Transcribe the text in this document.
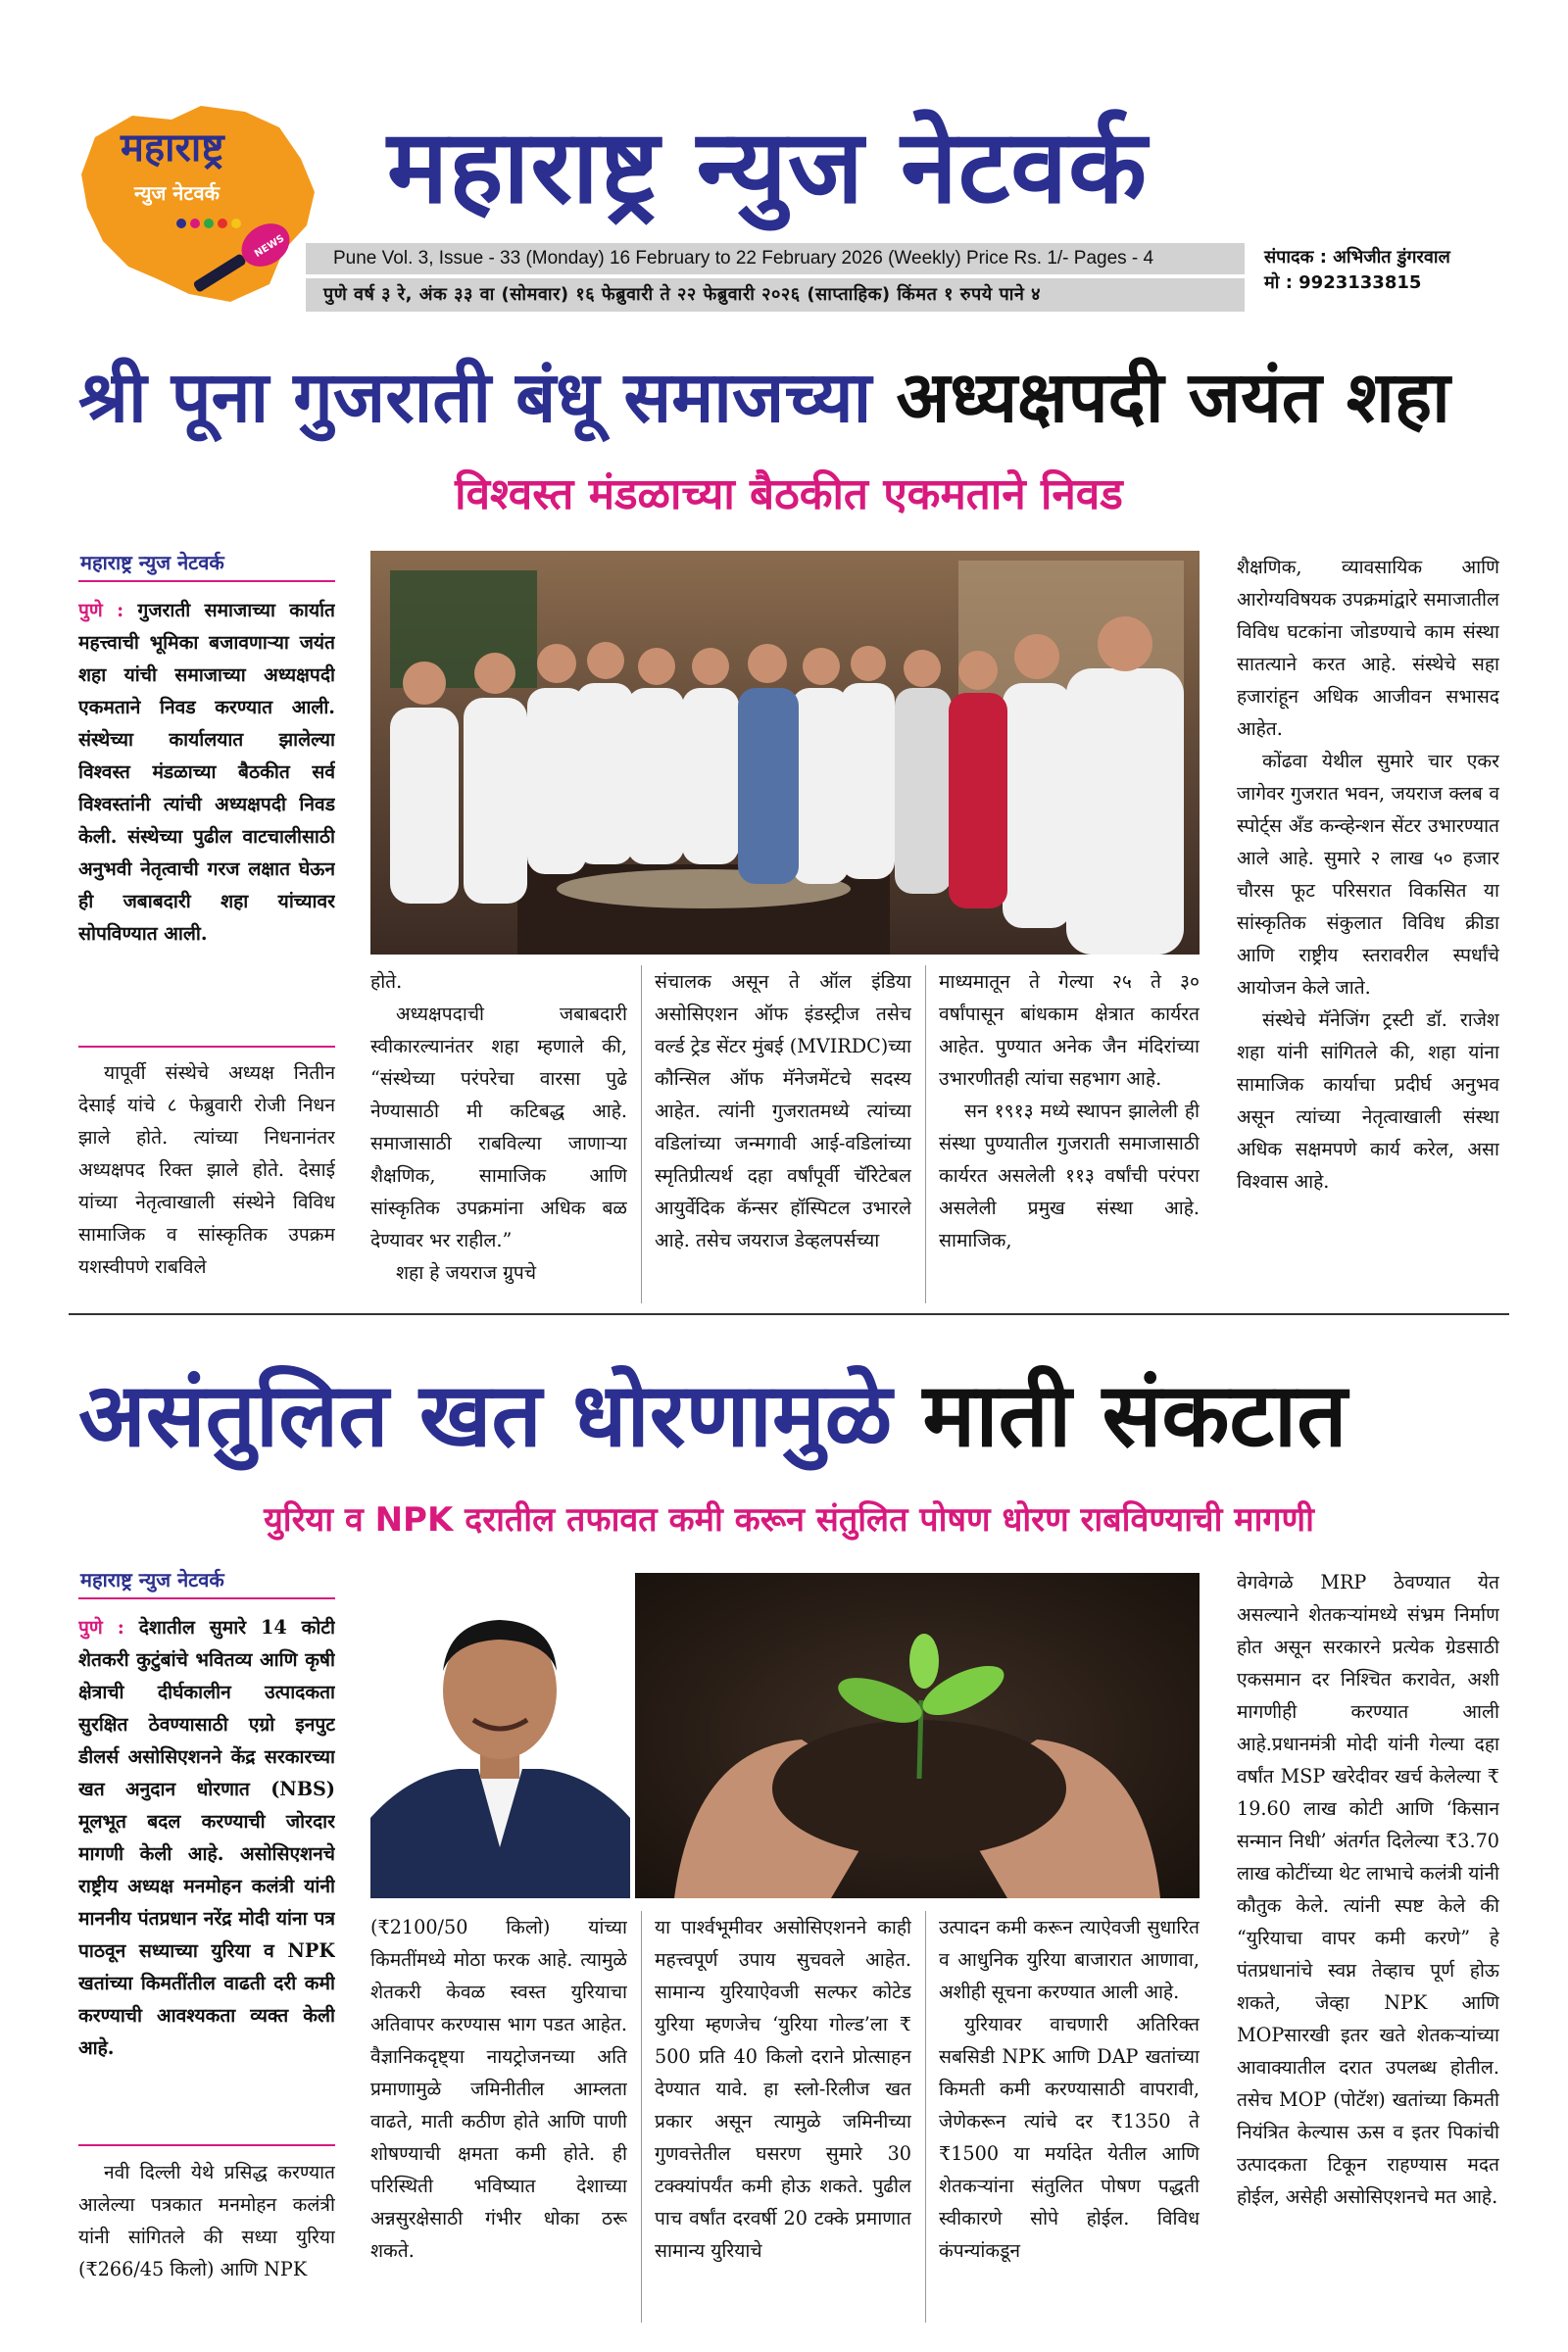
महाराष्ट्र
न्युज नेटवर्क
NEWS
महाराष्ट्र न्युज नेटवर्क
Pune Vol. 3, Issue - 33 (Monday) 16 February to 22 February 2026 (Weekly) Price Rs. 1/- Pages - 4
पुणे वर्ष ३ रे, अंक ३३ वा (सोमवार) १६ फेब्रुवारी ते २२ फेब्रुवारी २०२६ (साप्ताहिक) किंमत १ रुपये पाने ४
संपादक : अभिजीत डुंगरवाल
मो : 9923133815
श्री पूना गुजराती बंधू समाजच्या अध्यक्षपदी जयंत शहा
विश्वस्त मंडळाच्या बैठकीत एकमताने निवड
महाराष्ट्र न्युज नेटवर्क

पुणे : गुजराती समाजाच्या कार्यात महत्त्वाची भूमिका बजावणाऱ्या जयंत शहा यांची समाजाच्या अध्यक्षपदी एकमताने निवड करण्यात आली. संस्थेच्या कार्यालयात झालेल्या विश्वस्त मंडळाच्या बैठकीत सर्व विश्वस्तांनी त्यांची अध्यक्षपदी निवड केली. संस्थेच्या पुढील वाटचालीसाठी अनुभवी नेतृत्वाची गरज लक्षात घेऊन ही जबाबदारी शहा यांच्यावर सोपविण्यात आली.

यापूर्वी संस्थेचे अध्यक्ष नितीन देसाई यांचे ८ फेब्रुवारी रोजी निधन झाले होते. त्यांच्या निधनानंतर अध्यक्षपद रिक्त झाले होते. देसाई यांच्या नेतृत्वाखाली संस्थेने विविध सामाजिक व सांस्कृतिक उपक्रम यशस्वीपणे राबविले

होते.

अध्यक्षपदाची जबाबदारी स्वीकारल्यानंतर शहा म्हणाले की, “संस्थेच्या परंपरेचा वारसा पुढे नेण्यासाठी मी कटिबद्ध आहे. समाजासाठी राबविल्या जाणाऱ्या शैक्षणिक, सामाजिक आणि सांस्कृतिक उपक्रमांना अधिक बळ देण्यावर भर राहील.”

शहा हे जयराज ग्रुपचे

संचालक असून ते ऑल इंडिया असोसिएशन ऑफ इंडस्ट्रीज तसेच वर्ल्ड ट्रेड सेंटर मुंबई (MVIRDC)च्या कौन्सिल ऑफ मॅनेजमेंटचे सदस्य आहेत. त्यांनी गुजरातमध्ये त्यांच्या वडिलांच्या जन्मगावी आई-वडिलांच्या स्मृतिप्रीत्यर्थ दहा वर्षांपूर्वी चॅरिटेबल आयुर्वेदिक कॅन्सर हॉस्पिटल उभारले आहे. तसेच जयराज डेव्हलपर्सच्या

माध्यमातून ते गेल्या २५ ते ३० वर्षांपासून बांधकाम क्षेत्रात कार्यरत आहेत. पुण्यात अनेक जैन मंदिरांच्या उभारणीतही त्यांचा सहभाग आहे.

सन १९१३ मध्ये स्थापन झालेली ही संस्था पुण्यातील गुजराती समाजासाठी कार्यरत असलेली ११३ वर्षांची परंपरा असलेली प्रमुख संस्था आहे. सामाजिक,

शैक्षणिक, व्यावसायिक आणि आरोग्यविषयक उपक्रमांद्वारे समाजातील विविध घटकांना जोडण्याचे काम संस्था सातत्याने करत आहे. संस्थेचे सहा हजारांहून अधिक आजीवन सभासद आहेत.

कोंढवा येथील सुमारे चार एकर जागेवर गुजरात भवन, जयराज क्लब व स्पोर्ट्स अँड कन्व्हेन्शन सेंटर उभारण्यात आले आहे. सुमारे २ लाख ५० हजार चौरस फूट परिसरात विकसित या सांस्कृतिक संकुलात विविध क्रीडा आणि राष्ट्रीय स्तरावरील स्पर्धांचे आयोजन केले जाते.

संस्थेचे मॅनेजिंग ट्रस्टी डॉ. राजेश शहा यांनी सांगितले की, शहा यांना सामाजिक कार्याचा प्रदीर्घ अनुभव असून त्यांच्या नेतृत्वाखाली संस्था अधिक सक्षमपणे कार्य करेल, असा विश्वास आहे.

असंतुलित खत धोरणामुळे माती संकटात
युरिया व NPK दरातील तफावत कमी करून संतुलित पोषण धोरण राबविण्याची मागणी
महाराष्ट्र न्युज नेटवर्क

पुणे : देशातील सुमारे 14 कोटी शेतकरी कुटुंबांचे भवितव्य आणि कृषी क्षेत्राची दीर्घकालीन उत्पादकता सुरक्षित ठेवण्यासाठी एग्रो इनपुट डीलर्स असोसिएशनने केंद्र सरकारच्या खत अनुदान धोरणात (NBS) मूलभूत बदल करण्याची जोरदार मागणी केली आहे. असोसिएशनचे राष्ट्रीय अध्यक्ष मनमोहन कलंत्री यांनी माननीय पंतप्रधान नरेंद्र मोदी यांना पत्र पाठवून सध्याच्या युरिया व NPK खतांच्या किमतींतील वाढती दरी कमी करण्याची आवश्यकता व्यक्त केली आहे.

नवी दिल्ली येथे प्रसिद्ध करण्यात आलेल्या पत्रकात मनमोहन कलंत्री यांनी सांगितले की सध्या युरिया (₹266/45 किलो) आणि NPK

(₹2100/50 किलो) यांच्या किमतींमध्ये मोठा फरक आहे. त्यामुळे शेतकरी केवळ स्वस्त युरियाचा अतिवापर करण्यास भाग पडत आहेत. वैज्ञानिकदृष्ट्या नायट्रोजनच्या अति प्रमाणामुळे जमिनीतील आम्लता वाढते, माती कठीण होते आणि पाणी शोषण्याची क्षमता कमी होते. ही परिस्थिती भविष्यात देशाच्या अन्नसुरक्षेसाठी गंभीर धोका ठरू शकते.

या पार्श्वभूमीवर असोसिएशनने काही महत्त्वपूर्ण उपाय सुचवले आहेत. सामान्य युरियाऐवजी सल्फर कोटेड युरिया म्हणजेच ‘युरिया गोल्ड’ला ₹ 500 प्रति 40 किलो दराने प्रोत्साहन देण्यात यावे. हा स्लो-रिलीज खत प्रकार असून त्यामुळे जमिनीच्या गुणवत्तेतील घसरण सुमारे 30 टक्क्यांपर्यंत कमी होऊ शकते. पुढील पाच वर्षांत दरवर्षी 20 टक्के प्रमाणात सामान्य युरियाचे

उत्पादन कमी करून त्याऐवजी सुधारित व आधुनिक युरिया बाजारात आणावा, अशीही सूचना करण्यात आली आहे.

युरियावर वाचणारी अतिरिक्त सबसिडी NPK आणि DAP खतांच्या किमती कमी करण्यासाठी वापरावी, जेणेकरून त्यांचे दर ₹1350 ते ₹1500 या मर्यादेत येतील आणि शेतकऱ्यांना संतुलित पोषण पद्धती स्वीकारणे सोपे होईल. विविध कंपन्यांकडून

वेगवेगळे MRP ठेवण्यात येत असल्याने शेतकऱ्यांमध्ये संभ्रम निर्माण होत असून सरकारने प्रत्येक ग्रेडसाठी एकसमान दर निश्चित करावेत, अशी मागणीही करण्यात आली आहे.प्रधानमंत्री मोदी यांनी गेल्या दहा वर्षांत MSP खरेदीवर खर्च केलेल्या ₹ 19.60 लाख कोटी आणि ‘किसान सन्मान निधी’ अंतर्गत दिलेल्या ₹3.70 लाख कोटींच्या थेट लाभाचे कलंत्री यांनी कौतुक केले. त्यांनी स्पष्ट केले की “युरियाचा वापर कमी करणे” हे पंतप्रधानांचे स्वप्न तेव्हाच पूर्ण होऊ शकते, जेव्हा NPK आणि MOPसारखी इतर खते शेतकऱ्यांच्या आवाक्यातील दरात उपलब्ध होतील. तसेच MOP (पोटॅश) खतांच्या किमती नियंत्रित केल्यास ऊस व इतर पिकांची उत्पादकता टिकून राहण्यास मदत होईल, असेही असोसिएशनचे मत आहे.
